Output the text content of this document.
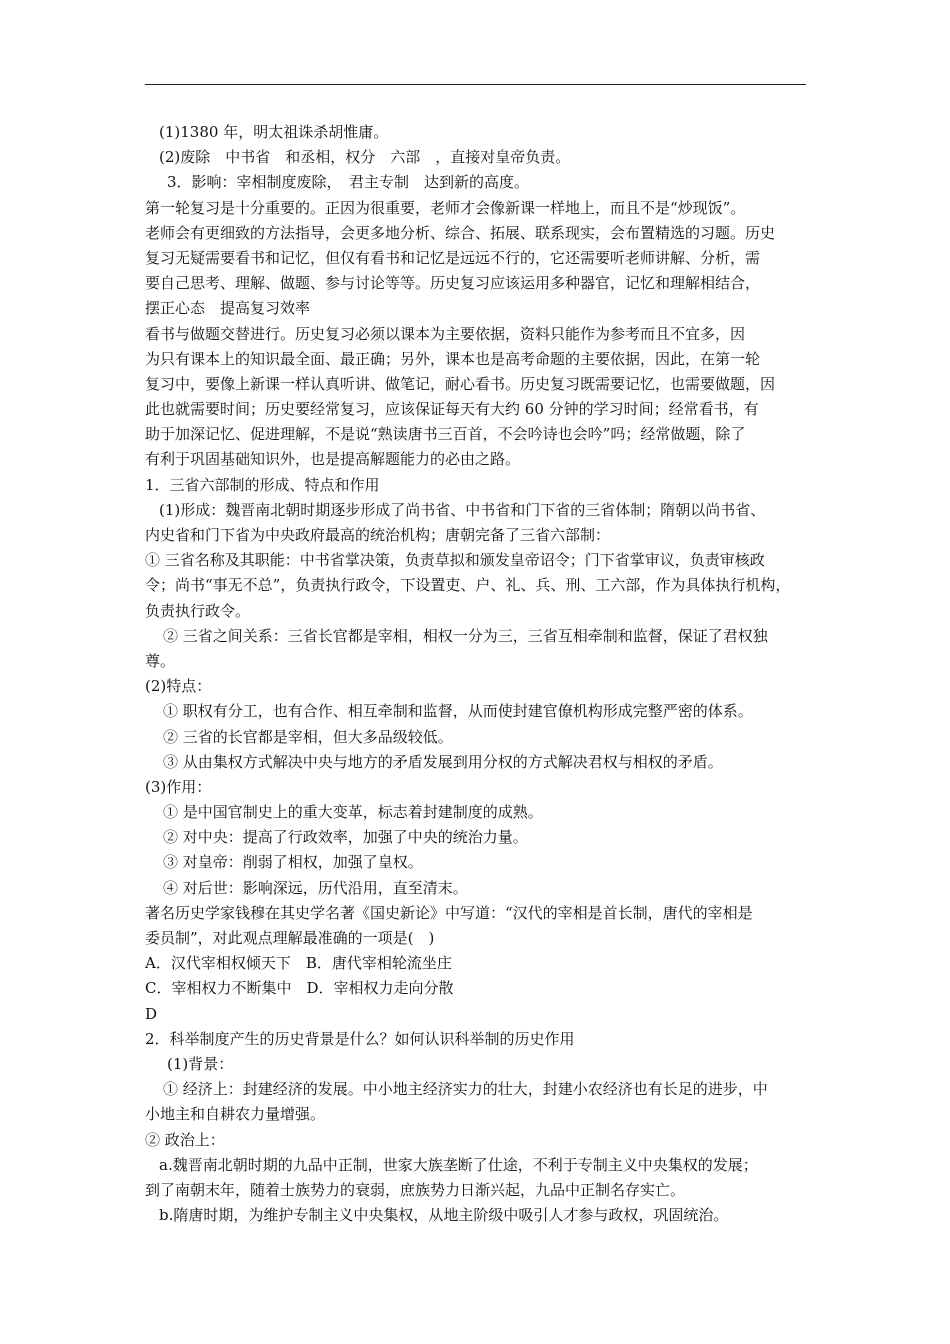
(1)1380 年，明太祖诛杀胡惟庸。
(2)废除　中书省　和丞相，权分　六部　，直接对皇帝负责。
3．影响：宰相制度废除，　君主专制　达到新的高度。
第一轮复习是十分重要的。正因为很重要，老师才会像新课一样地上，而且不是“炒现饭”。
老师会有更细致的方法指导，会更多地分析、综合、拓展、联系现实，会布置精选的习题。历史
复习无疑需要看书和记忆，但仅有看书和记忆是远远不行的，它还需要听老师讲解、分析，需
要自己思考、理解、做题、参与讨论等等。历史复习应该运用多种器官，记忆和理解相结合，
摆正心态　提高复习效率
看书与做题交替进行。历史复习必须以课本为主要依据，资料只能作为参考而且不宜多，因
为只有课本上的知识最全面、最正确；另外，课本也是高考命题的主要依据，因此，在第一轮
复习中，要像上新课一样认真听讲、做笔记，耐心看书。历史复习既需要记忆，也需要做题，因
此也就需要时间；历史要经常复习，应该保证每天有大约 60 分钟的学习时间；经常看书，有
助于加深记忆、促进理解，不是说“熟读唐书三百首，不会吟诗也会吟”吗；经常做题，除了
有利于巩固基础知识外，也是提高解题能力的必由之路。
1．三省六部制的形成、特点和作用
(1)形成：魏晋南北朝时期逐步形成了尚书省、中书省和门下省的三省体制；隋朝以尚书省、
内史省和门下省为中央政府最高的统治机构；唐朝完备了三省六部制：
① 三省名称及其职能：中书省掌决策，负责草拟和颁发皇帝诏令；门下省掌审议，负责审核政
令；尚书“事无不总”，负责执行政令，下设置吏、户、礼、兵、刑、工六部，作为具体执行机构，
负责执行政令。
② 三省之间关系：三省长官都是宰相，相权一分为三，三省互相牵制和监督，保证了君权独
尊。
(2)特点：
① 职权有分工，也有合作、相互牵制和监督，从而使封建官僚机构形成完整严密的体系。
② 三省的长官都是宰相，但大多品级较低。
③ 从由集权方式解决中央与地方的矛盾发展到用分权的方式解决君权与相权的矛盾。
(3)作用：
① 是中国官制史上的重大变革，标志着封建制度的成熟。
② 对中央：提高了行政效率，加强了中央的统治力量。
③ 对皇帝：削弱了相权，加强了皇权。
④ 对后世：影响深远，历代沿用，直至清末。
著名历史学家钱穆在其史学名著《国史新论》中写道：“汉代的宰相是首长制，唐代的宰相是
委员制”，对此观点理解最准确的一项是(　)
A．汉代宰相权倾天下　B．唐代宰相轮流坐庄
C．宰相权力不断集中　D．宰相权力走向分散
D
2．科举制度产生的历史背景是什么？如何认识科举制的历史作用
(1)背景：
① 经济上：封建经济的发展。中小地主经济实力的壮大，封建小农经济也有长足的进步，中
小地主和自耕农力量增强。
② 政治上：
a.魏晋南北朝时期的九品中正制，世家大族垄断了仕途，不利于专制主义中央集权的发展；
到了南朝末年，随着士族势力的衰弱，庶族势力日渐兴起，九品中正制名存实亡。
b.隋唐时期，为维护专制主义中央集权，从地主阶级中吸引人才参与政权，巩固统治。
